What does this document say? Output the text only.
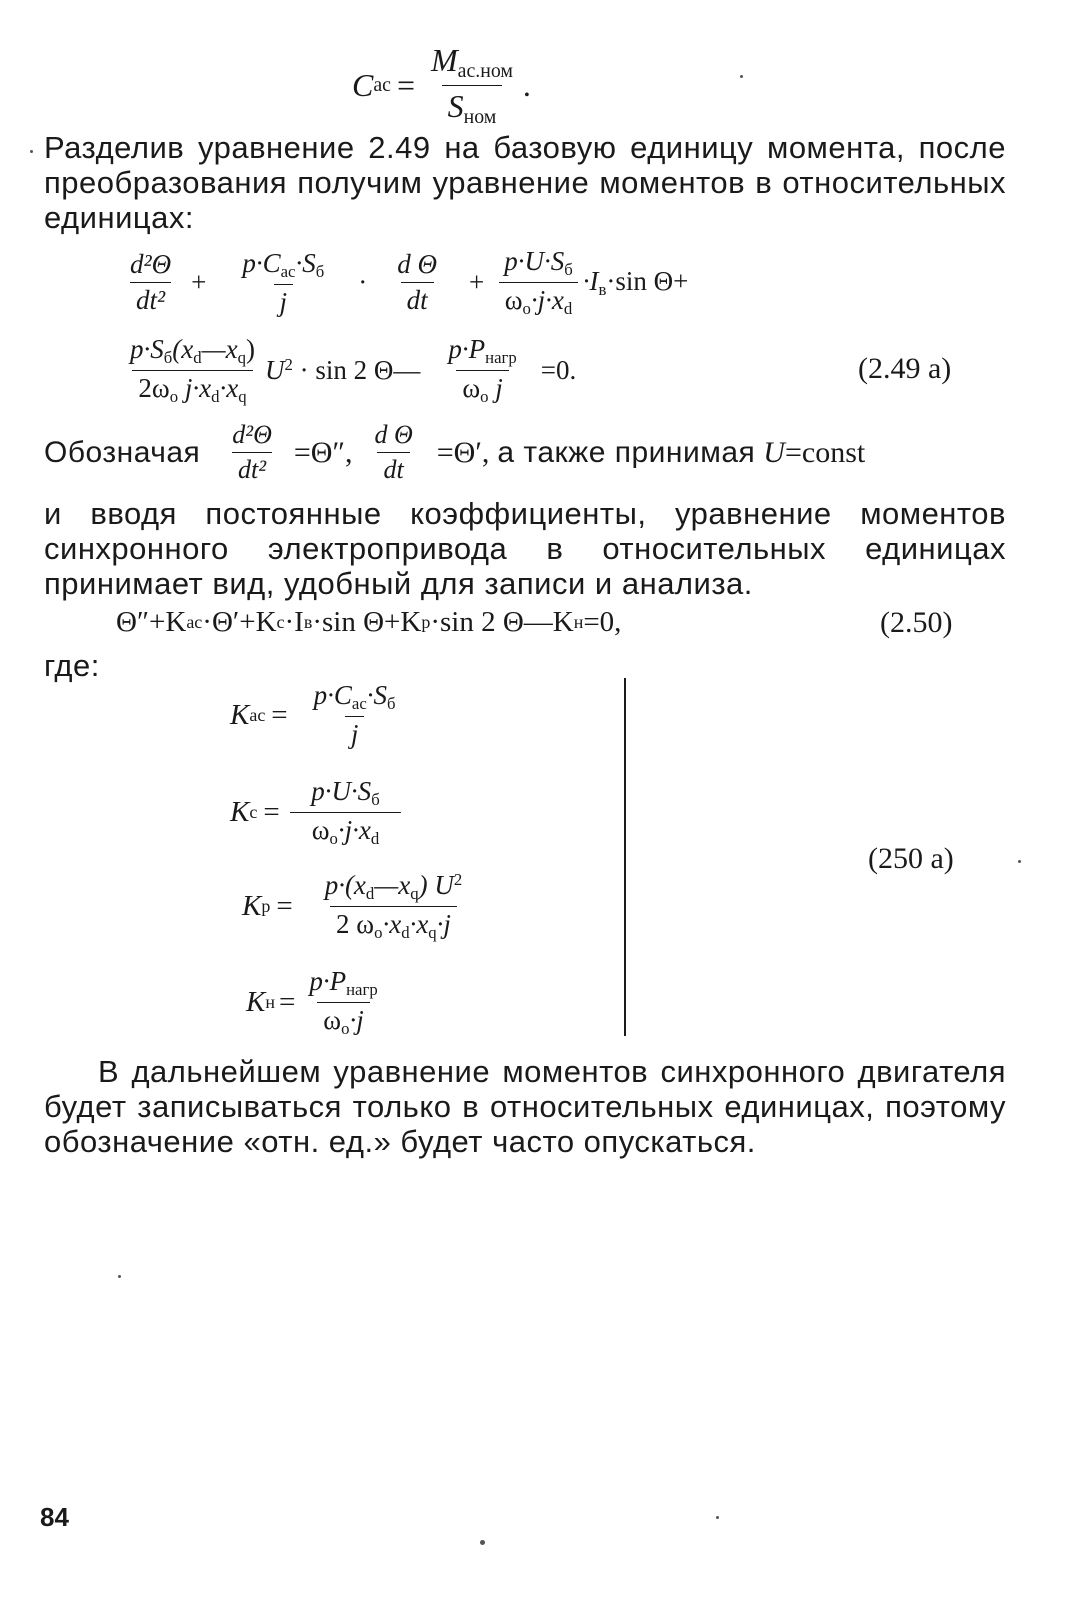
C ac = $\frac{M_{ac.ном}}{S_{ном}}$ .
Разделив уравнение 2.49 на базовую единицу момента, после преобразования получим уравнение моментов в относительных единицах:
$\frac{\text{d²Θ}}{\text{dt²}} + \frac{p\cdot C_{ac}\cdot S_б}{j} \cdot \frac{\text{d Θ}}{dt} + \frac{p\cdot U\cdot S_б}{\omega_o\cdot j\cdot x_d} \cdot I_в\cdot\sin$ Θ+
$\frac{p\cdot S_б(x_d—x_q)}{2\omega_o j\cdot x_d\cdot x_q} U^2 \cdot \sin 2$ Θ— $\frac{p\cdot P_{нагр}}{\omega_o j} =0$.	(2.49 a)
Обозначая $\frac{\text{d²Θ}}{\text{dt²}} =\Theta''$, $\frac{\text{d Θ}}{dt} =\Theta'$, а также принимая U =const
и вводя постоянные коэффициенты, уравнение моментов синхронного электропривода в относительных единицах принимает вид, удобный для записи и анализа.
Θ″+K ac ·Θ′+K c ·I в ·sin Θ+K p ·sin 2 Θ—K н =0,	(2.50)
где:
K ac = $\frac{p\cdot C_{ac}\cdot S_б}{j}$
K $c = \frac{p\cdot U\cdot S_б}{\omega_o\cdot j\cdot x_d}$
K $p = \frac{p\cdot(x_d—x_q) U^2}{2 \omega_o\cdot x_d\cdot x_q\cdot j}$
K $н = \frac{p\cdot P_{нагр}}{\omega_o\cdot j}$
(250 a)
В дальнейшем уравнение моментов синхронного двигателя будет записываться только в относительных единицах, поэтому обозначение «отн. ед.» будет часто опускаться.
84
